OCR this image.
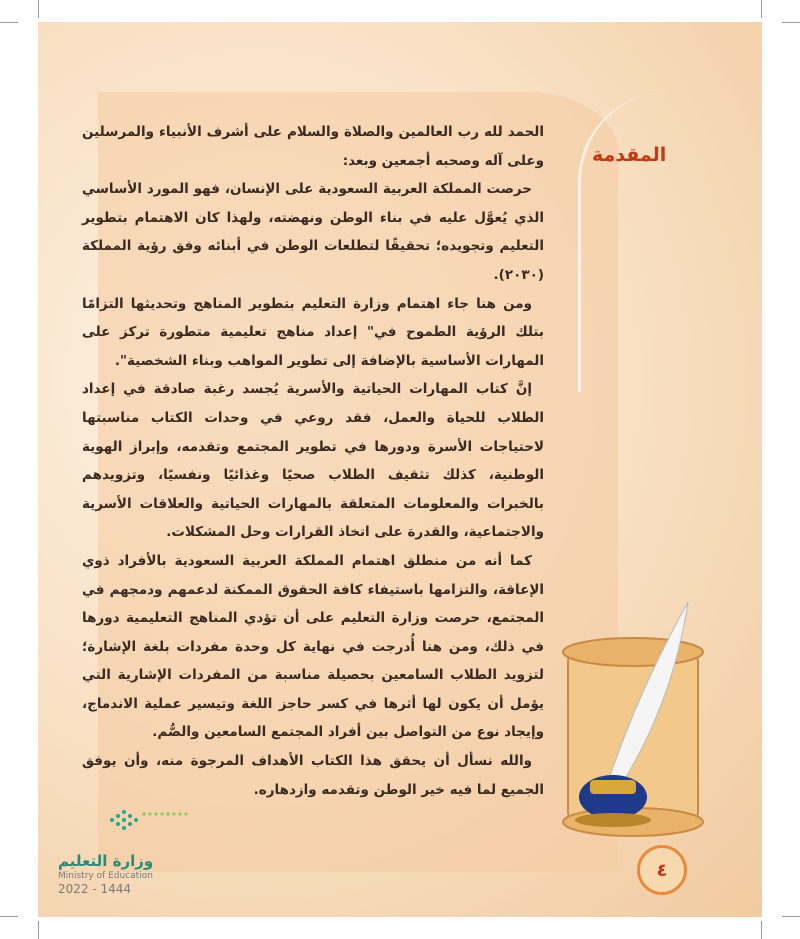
المقدمة

الحمد لله رب العالمين والصلاة والسلام على أشرف الأنبياء والمرسلين وعلى آله وصحبه أجمعين وبعد:

حرصت المملكة العربية السعودية على الإنسان، فهو المورد الأساسي الذي يُعوَّل عليه في بناء الوطن ونهضته، ولهذا كان الاهتمام بتطوير التعليم وتجويده؛ تحقيقًا لتطلعات الوطن في أبنائه وفق رؤية المملكة (٢٠٣٠).

ومن هنا جاء اهتمام وزارة التعليم بتطوير المناهج وتحديثها التزامًا بتلك الرؤية الطموح في" إعداد مناهج تعليمية متطورة تركز على المهارات الأساسية بالإضافة إلى تطوير المواهب وبناء الشخصية".

إنَّ كتاب المهارات الحياتية والأسرية يُجسد رغبة صادقة في إعداد الطلاب للحياة والعمل، فقد روعي في وحدات الكتاب مناسبتها لاحتياجات الأسرة ودورها في تطوير المجتمع وتقدمه، وإبراز الهوية الوطنية، كذلك تثقيف الطلاب صحيًا وغذائيًا ونفسيًا، وتزويدهم بالخبرات والمعلومات المتعلقة بالمهارات الحياتية والعلاقات الأسرية والاجتماعية، والقدرة على اتخاذ القرارات وحل المشكلات.

كما أنه من منطلق اهتمام المملكة العربية السعودية بالأفراد ذوي الإعاقة، والتزامها باستيفاء كافة الحقوق الممكنة لدعمهم ودمجهم في المجتمع، حرصت وزارة التعليم على أن تؤدي المناهج التعليمية دورها في ذلك، ومن هنا أُدرجت في نهاية كل وحدة مفردات بلغة الإشارة؛ لتزويد الطلاب السامعين بحصيلة مناسبة من المفردات الإشارية التي يؤمل أن يكون لها أثرها في كسر حاجز اللغة وتيسير عملية الاندماج، وإيجاد نوع من التواصل بين أفراد المجتمع السامعين والصُّم.

والله نسأل أن يحقق هذا الكتاب الأهداف المرجوة منه، وأن يوفق الجميع لما فيه خير الوطن وتقدمه وازدهاره.

وزارة التعليم
Ministry of Education
2022 - 1444
٤
